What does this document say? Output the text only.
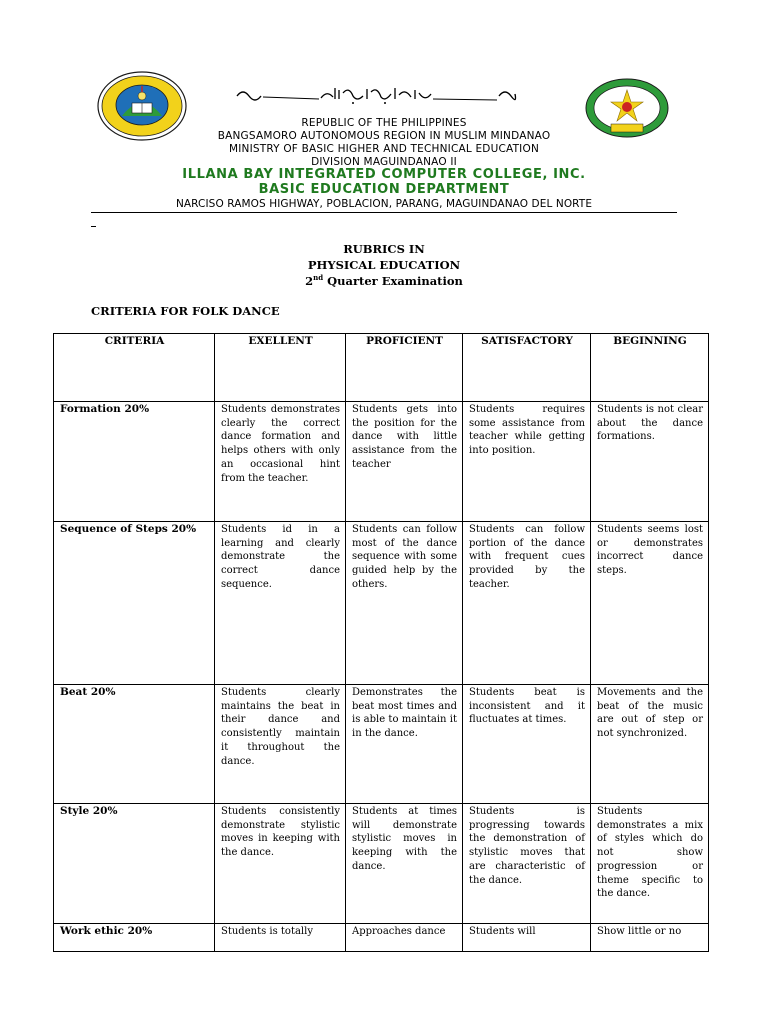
REPUBLIC OF THE PHILIPPINES
BANGSAMORO AUTONOMOUS REGION IN MUSLIM MINDANAO
MINISTRY OF BASIC HIGHER AND TECHNICAL EDUCATION
DIVISION MAGUINDANAO II
ILLANA BAY INTEGRATED COMPUTER COLLEGE, INC.
BASIC EDUCATION DEPARTMENT
NARCISO RAMOS HIGHWAY, POBLACION, PARANG, MAGUINDANAO DEL NORTE
RUBRICS IN
PHYSICAL EDUCATION
2nd Quarter Examination
CRITERIA FOR FOLK DANCE
CRITERIA	EXELLENT	PROFICIENT	SATISFACTORY	BEGINNING
Formation 20%	Students demonstrates clearly the correct dance formation and helps others with only an occasional hint from the teacher.	Students gets into the position for the dance with little assistance from the teacher	Students requires some assistance from teacher while getting into position.	Students is not clear about the dance formations.
Sequence of Steps 20%	Students id in a learning and clearly demonstrate the correct dance sequence.	Students can follow most of the dance sequence with some guided help by the others.	Students can follow portion of the dance with frequent cues provided by the teacher.	Students seems lost or demonstrates incorrect dance steps.
Beat 20%	Students clearly maintains the beat in their dance and consistently maintain it throughout the dance.	Demonstrates the beat most times and is able to maintain it in the dance.	Students beat is inconsistent and it fluctuates at times.	Movements and the beat of the music are out of step or not synchronized.
Style 20%	Students consistently demonstrate stylistic moves in keeping with the dance.	Students at times will demonstrate stylistic moves in keeping with the dance.	Students is progressing towards the demonstration of stylistic moves that are characteristic of the dance.	Students demonstrates a mix of styles which do not show progression or theme specific to the dance.
Work ethic 20%	Students is totally	Approaches dance	Students will	Show little or no
